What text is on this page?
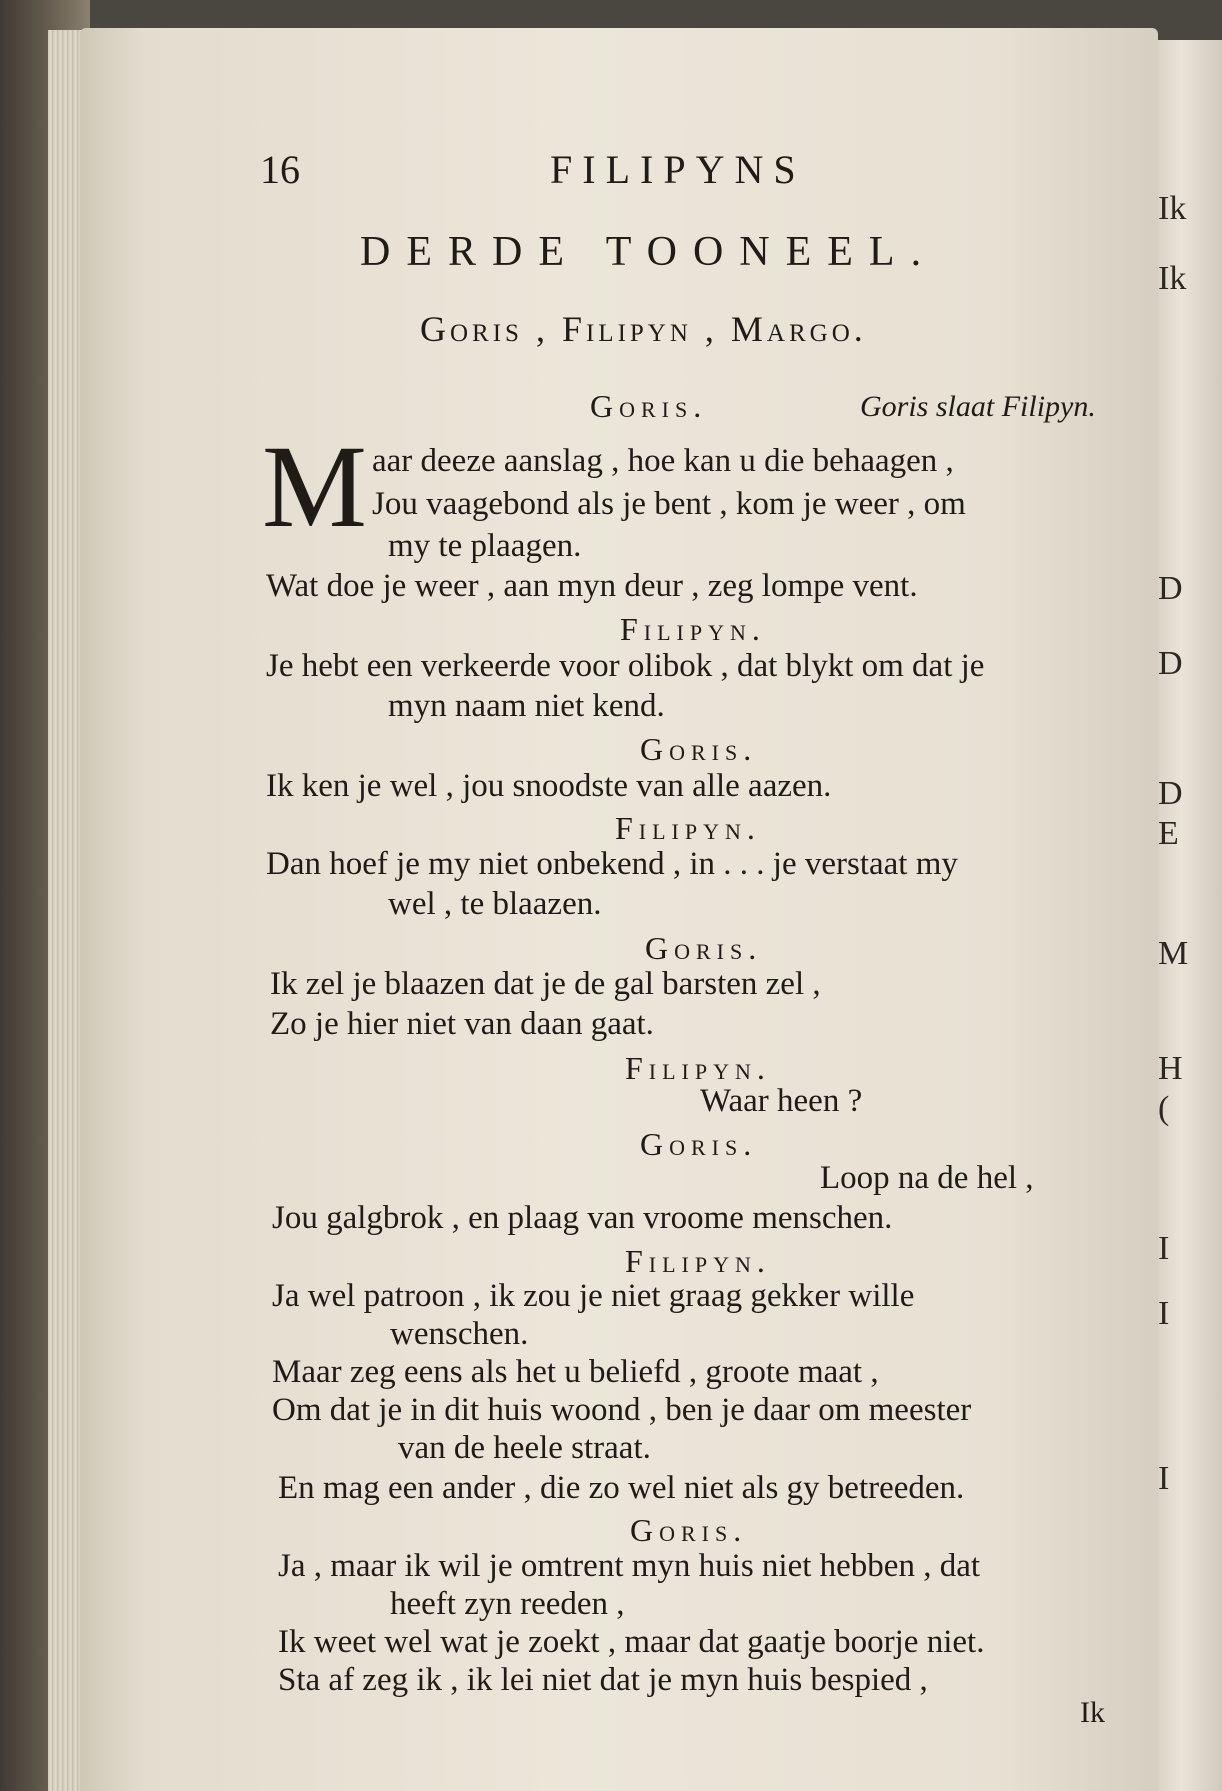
Ik
Ik
D
D
D
E
M
H
(
I
I
I
16	FILIPYNS
DERDE TOONEEL.
Goris , Filipyn , Margo.
Goris.	Goris slaat Filipyn.
M aar deeze aanslag , hoe kan u die behaagen ,
Jou vaagebond als je bent , kom je weer , om
my te plaagen.
Wat doe je weer , aan myn deur , zeg lompe vent.
Filipyn.
Je hebt een verkeerde voor olibok , dat blykt om dat je
myn naam niet kend.
Goris.
Ik ken je wel , jou snoodste van alle aazen.
Filipyn.
Dan hoef je my niet onbekend , in . . . je verstaat my
wel , te blaazen.
Goris.
Ik zel je blaazen dat je de gal barsten zel ,
Zo je hier niet van daan gaat.
Filipyn.
Waar heen ?
Goris.
Loop na de hel ,
Jou galgbrok , en plaag van vroome menschen.
Filipyn.
Ja wel patroon , ik zou je niet graag gekker wille
wenschen.
Maar zeg eens als het u beliefd , groote maat ,
Om dat je in dit huis woond , ben je daar om meester
van de heele straat.
En mag een ander , die zo wel niet als gy betreeden.
Goris.
Ja , maar ik wil je omtrent myn huis niet hebben , dat
heeft zyn reeden ,
Ik weet wel wat je zoekt , maar dat gaatje boorje niet.
Sta af zeg ik , ik lei niet dat je myn huis bespied ,
Ik
